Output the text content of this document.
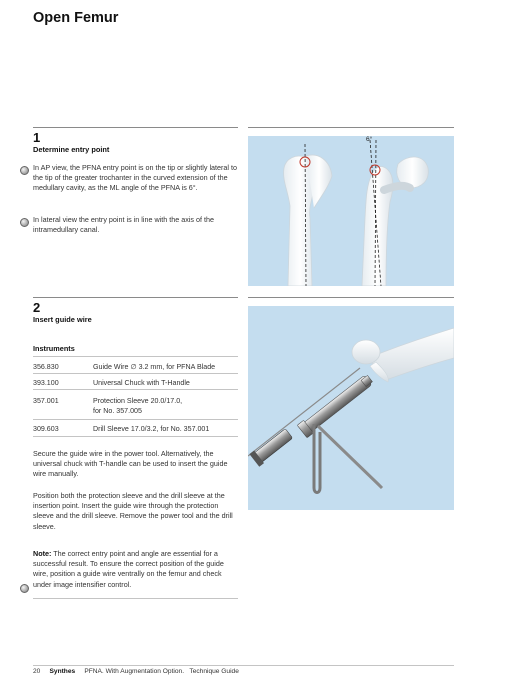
Open Femur
1
Determine entry point
In AP view, the PFNA entry point is on the tip or slightly lateral to the tip of the greater trochanter in the curved extension of the medullary cavity, as the ML angle of the PFNA is 6°.
In lateral view the entry point is in line with the axis of the intramedullary canal.
6°
2
Insert guide wire
Instruments
356.830	Guide Wire ∅ 3.2 mm, for PFNA Blade
393.100	Universal Chuck with T-Handle
357.001	Protection Sleeve 20.0/17.0,
for No. 357.005
309.603	Drill Sleeve 17.0/3.2, for No. 357.001
Secure the guide wire in the power tool. Alternatively, the universal chuck with T-handle can be used to insert the guide wire manually.
Position both the protection sleeve and the drill sleeve at the insertion point. Insert the guide wire through the protection sleeve and the drill sleeve. Remove the power tool and the drill sleeve.
Note: The correct entry point and angle are essential for a successful result. To ensure the correct position of the guide wire, position a guide wire ventrally on the femur and check under image intensifier control.
20 Synthes PFNA. With Augmentation Option.   Technique Guide
